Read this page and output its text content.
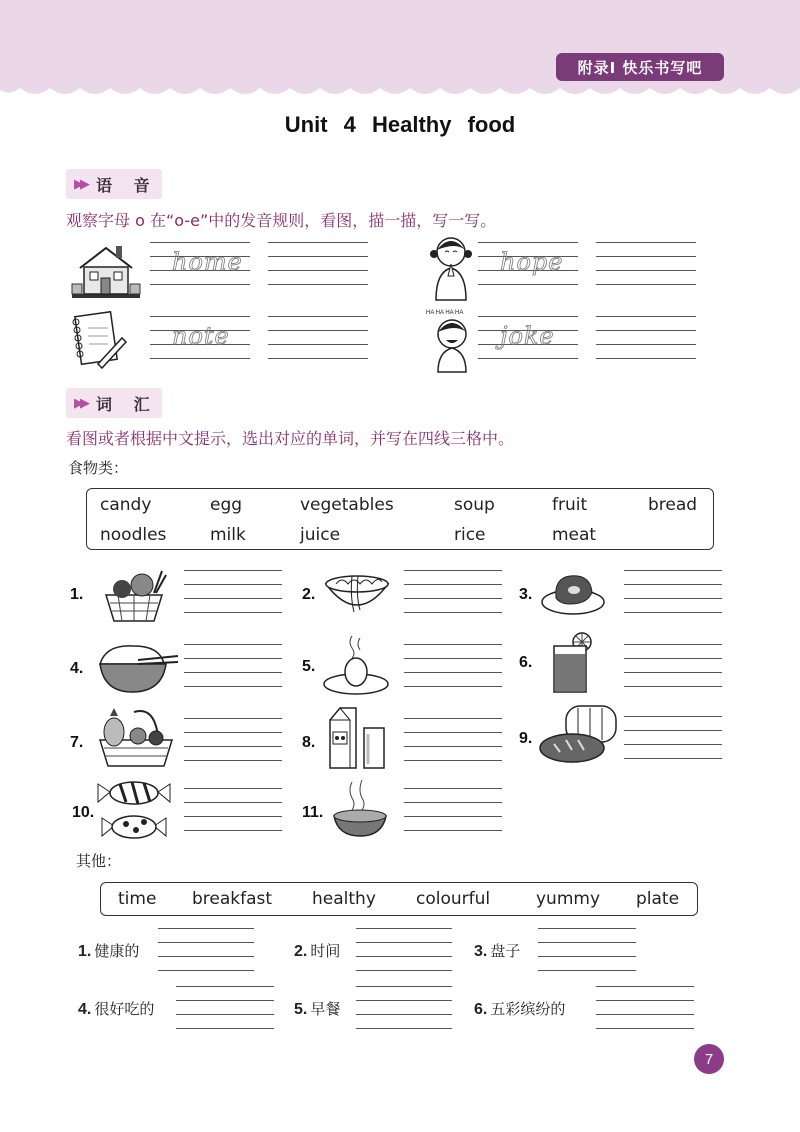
附录Ⅰ 快乐书写吧
Unit 4 Healthy food
▶▶ 语 音
观察字母 o 在“o-e”中的发音规则，看图，描一描，写一写。
home	hope
note
HA HA HA HA
joke
▶▶ 词 汇
看图或者根据中文提示，选出对应的单词，并写在四线三格中。
食物类：
candy	egg	vegetables	soup	fruit	bread
noodles	milk	juice	rice	meat
1.	2.	3.
4.	5.	6.
7.	8.	9.
10.	11.
其他：
time breakfast healthy colourful	yummy plate
1. 健康的	2. 时间	3. 盘子
4. 很好吃的	5. 早餐	6. 五彩缤纷的
7
